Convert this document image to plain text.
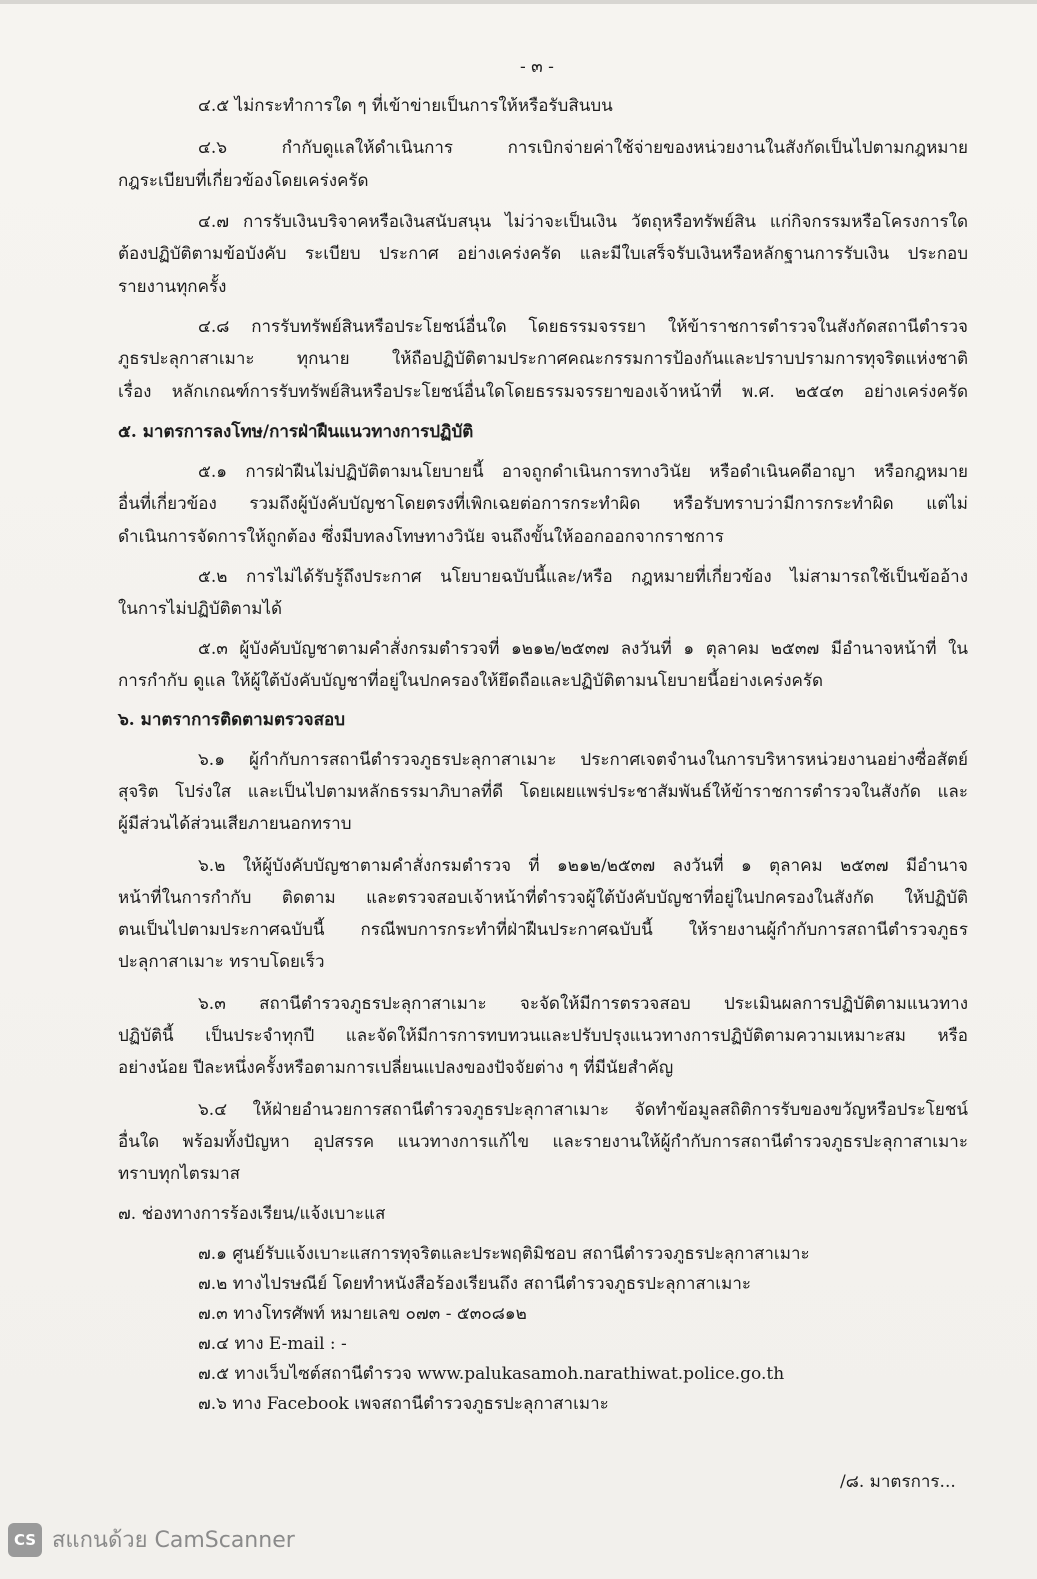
- ๓ -
๔.๕ ไม่กระทำการใด ๆ ที่เข้าข่ายเป็นการให้หรือรับสินบน
๔.๖ กำกับดูแลให้ดำเนินการ การเบิกจ่ายค่าใช้จ่ายของหน่วยงานในสังกัดเป็นไปตามกฎหมาย
กฎระเบียบที่เกี่ยวข้องโดยเคร่งครัด
๔.๗ การรับเงินบริจาคหรือเงินสนับสนุน ไม่ว่าจะเป็นเงิน วัตถุหรือทรัพย์สิน แก่กิจกรรมหรือโครงการใด
ต้องปฏิบัติตามข้อบังคับ ระเบียบ ประกาศ อย่างเคร่งครัด และมีใบเสร็จรับเงินหรือหลักฐานการรับเงิน ประกอบ
รายงานทุกครั้ง
๔.๘ การรับทรัพย์สินหรือประโยชน์อื่นใด โดยธรรมจรรยา ให้ข้าราชการตำรวจในสังกัดสถานีตำรวจ
ภูธรปะลุกาสาเมาะ ทุกนาย ให้ถือปฏิบัติตามประกาศคณะกรรมการป้องกันและปราบปรามการทุจริตแห่งชาติ
เรื่อง หลักเกณฑ์การรับทรัพย์สินหรือประโยชน์อื่นใดโดยธรรมจรรยาของเจ้าหน้าที่ พ.ศ. ๒๕๔๓ อย่างเคร่งครัด
๕. มาตรการลงโทษ/การฝ่าฝืนแนวทางการปฏิบัติ
๕.๑ การฝ่าฝืนไม่ปฏิบัติตามนโยบายนี้ อาจถูกดำเนินการทางวินัย หรือดำเนินคดีอาญา หรือกฎหมาย
อื่นที่เกี่ยวข้อง รวมถึงผู้บังคับบัญชาโดยตรงที่เพิกเฉยต่อการกระทำผิด หรือรับทราบว่ามีการกระทำผิด แต่ไม่
ดำเนินการจัดการให้ถูกต้อง ซึ่งมีบทลงโทษทางวินัย จนถึงขั้นให้ออกออกจากราชการ
๕.๒ การไม่ได้รับรู้ถึงประกาศ นโยบายฉบับนี้และ/หรือ กฎหมายที่เกี่ยวข้อง ไม่สามารถใช้เป็นข้ออ้าง
ในการไม่ปฏิบัติตามได้
๕.๓ ผู้บังคับบัญชาตามคำสั่งกรมตำรวจที่ ๑๒๑๒/๒๕๓๗ ลงวันที่ ๑ ตุลาคม ๒๕๓๗ มีอำนาจหน้าที่ ใน
การกำกับ ดูแล ให้ผู้ใต้บังคับบัญชาที่อยู่ในปกครองให้ยึดถือและปฏิบัติตามนโยบายนี้อย่างเคร่งครัด
๖. มาตราการติดตามตรวจสอบ
๖.๑ ผู้กำกับการสถานีตำรวจภูธรปะลุกาสาเมาะ ประกาศเจตจำนงในการบริหารหน่วยงานอย่างซื่อสัตย์
สุจริต โปร่งใส และเป็นไปตามหลักธรรมาภิบาลที่ดี โดยเผยแพร่ประชาสัมพันธ์ให้ข้าราชการตำรวจในสังกัด และ
ผู้มีส่วนได้ส่วนเสียภายนอกทราบ
๖.๒ ให้ผู้บังคับบัญชาตามคำสั่งกรมตำรวจ ที่ ๑๒๑๒/๒๕๓๗ ลงวันที่ ๑ ตุลาคม ๒๕๓๗ มีอำนาจ
หน้าที่ในการกำกับ ติดตาม และตรวจสอบเจ้าหน้าที่ตำรวจผู้ใต้บังคับบัญชาที่อยู่ในปกครองในสังกัด ให้ปฏิบัติ
ตนเป็นไปตามประกาศฉบับนี้ กรณีพบการกระทำที่ฝ่าฝืนประกาศฉบับนี้ ให้รายงานผู้กำกับการสถานีตำรวจภูธร
ปะลุกาสาเมาะ ทราบโดยเร็ว
๖.๓ สถานีตำรวจภูธรปะลุกาสาเมาะ จะจัดให้มีการตรวจสอบ ประเมินผลการปฏิบัติตามแนวทาง
ปฏิบัตินี้ เป็นประจำทุกปี และจัดให้มีการการทบทวนและปรับปรุงแนวทางการปฏิบัติตามความเหมาะสม หรือ
อย่างน้อย ปีละหนึ่งครั้งหรือตามการเปลี่ยนแปลงของปัจจัยต่าง ๆ ที่มีนัยสำคัญ
๖.๔ ให้ฝ่ายอำนวยการสถานีตำรวจภูธรปะลุกาสาเมาะ จัดทำข้อมูลสถิติการรับของขวัญหรือประโยชน์
อื่นใด พร้อมทั้งปัญหา อุปสรรค แนวทางการแก้ไข และรายงานให้ผู้กำกับการสถานีตำรวจภูธรปะลุกาสาเมาะ
ทราบทุกไตรมาส
๗. ช่องทางการร้องเรียน/แจ้งเบาะแส
๗.๑ ศูนย์รับแจ้งเบาะแสการทุจริตและประพฤติมิชอบ สถานีตำรวจภูธรปะลุกาสาเมาะ
๗.๒ ทางไปรษณีย์ โดยทำหนังสือร้องเรียนถึง สถานีตำรวจภูธรปะลุกาสาเมาะ
๗.๓ ทางโทรศัพท์ หมายเลข ๐๗๓ - ๕๓๐๘๑๒
๗.๔ ทาง E-mail : -
๗.๕ ทางเว็บไซต์สถานีตำรวจ www.palukasamoh.narathiwat.police.go.th
๗.๖ ทาง Facebook เพจสถานีตำรวจภูธรปะลุกาสาเมาะ
/๘. มาตรการ...
CS สแกนด้วย CamScanner
